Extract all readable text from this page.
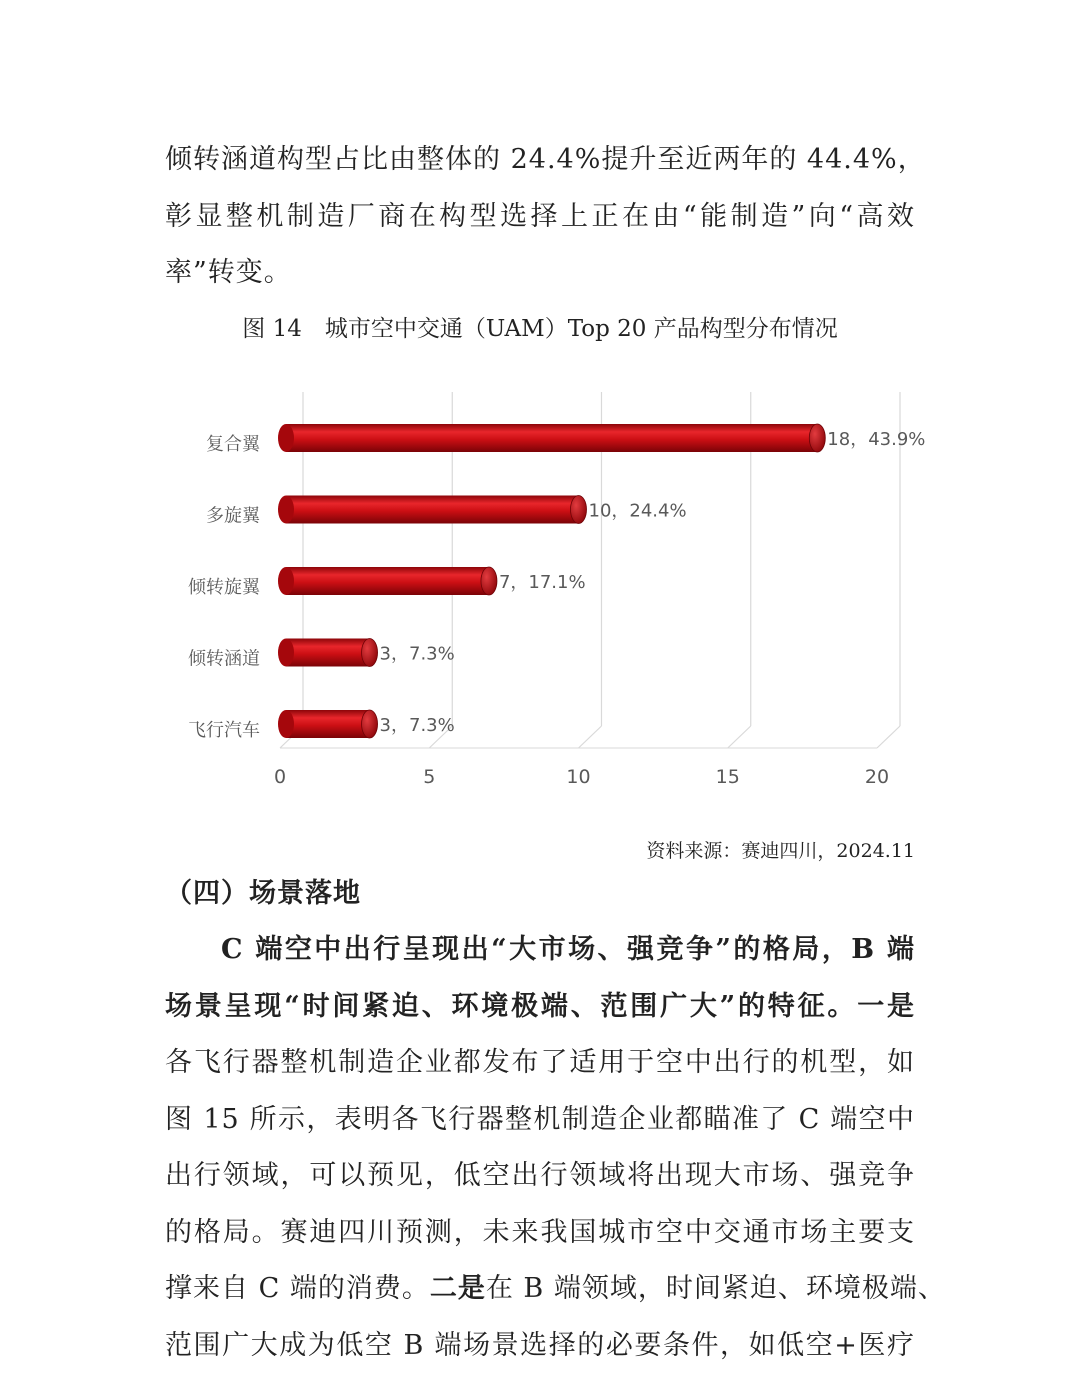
倾转涵道构型占比由整体的 24.4%提升至近两年的 44.4%，
彰显整机制造厂商在构型选择上正在由“能制造”向“高效
率”转变。
图 14　城市空中交通（UAM）Top 20 产品构型分布情况
0	5	10	15	20
复合翼	18，43.9%
多旋翼	10，24.4%
倾转旋翼	7，17.1%
倾转涵道	3，7.3%
飞行汽车	3，7.3%
资料来源：赛迪四川，2024.11
（四）场景落地
C 端空中出行呈现出“大市场、强竞争”的格局，B 端
场景呈现“时间紧迫、环境极端、范围广大”的特征。一是
各飞行器整机制造企业都发布了适用于空中出行的机型，如
图 15 所示，表明各飞行器整机制造企业都瞄准了 C 端空中
出行领域，可以预见，低空出行领域将出现大市场、强竞争
的格局。赛迪四川预测，未来我国城市空中交通市场主要支
撑来自 C 端的消费。二是在 B 端领域，时间紧迫、环境极端、
范围广大成为低空 B 端场景选择的必要条件，如低空+医疗
